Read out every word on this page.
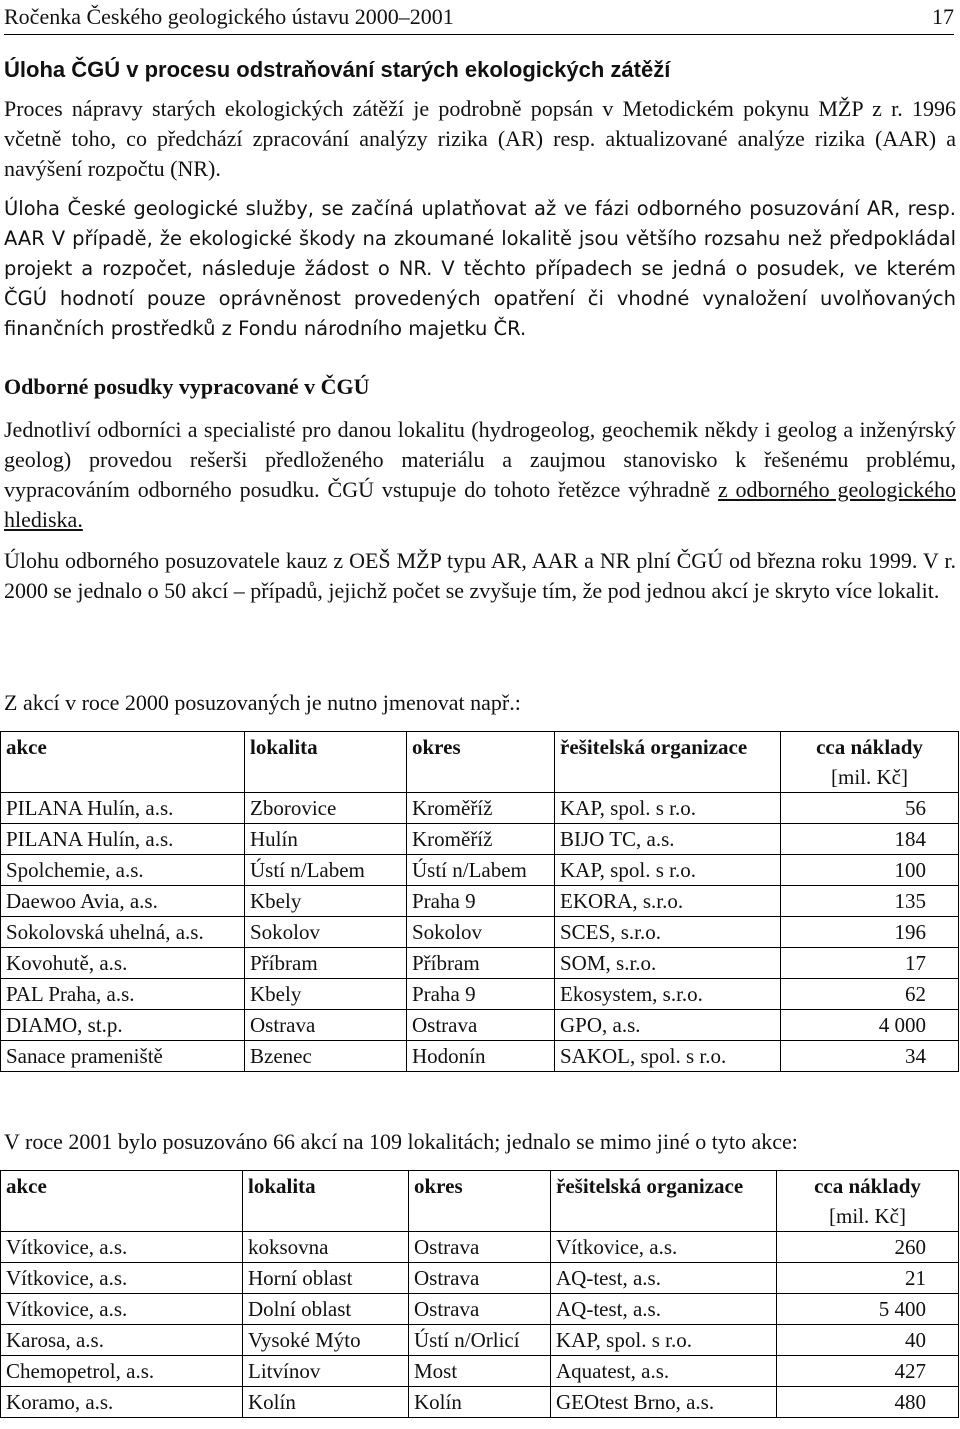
Ročenka Českého geologického ústavu 2000–2001	17
Úloha ČGÚ v procesu odstraňování starých ekologických zátěží

Proces nápravy starých ekologických zátěží je podrobně popsán v Metodickém pokynu MŽP z r. 1996 včetně toho, co předchází zpracování analýzy rizika (AR) resp. aktualizované analýze rizika (AAR) a navýšení rozpočtu (NR).

Úloha České geologické služby, se začíná uplatňovat až ve fázi odborného posuzování AR, resp. AAR V případě, že ekologické škody na zkoumané lokalitě jsou většího rozsahu než předpokládal projekt a rozpočet, následuje žádost o NR. V těchto případech se jedná o posudek, ve kterém ČGÚ hodnotí pouze oprávněnost provedených opatření či vhodné vynaložení uvolňovaných finančních prostředků z Fondu národního majetku ČR.

Odborné posudky vypracované v ČGÚ

Jednotliví odborníci a specialisté pro danou lokalitu (hydrogeolog, geochemik někdy i geolog a inženýrský geolog) provedou rešerši předloženého materiálu a zaujmou stanovisko k řešenému problému, vypracováním odborného posudku. ČGÚ vstupuje do tohoto řetězce výhradně z odborného geologického hlediska.

Úlohu odborného posuzovatele kauz z OEŠ MŽP typu AR, AAR a NR plní ČGÚ od března roku 1999. V r. 2000 se jednalo o 50 akcí – případů, jejichž počet se zvyšuje tím, že pod jednou akcí je skryto více lokalit.

Z akcí v roce 2000 posuzovaných je nutno jmenovat např.:
akce	lokalita	okres	řešitelská organizace	cca náklady
[mil. Kč]

PILANA Hulín, a.s.	Zborovice	Kroměříž	KAP, spol. s r.o.	56
PILANA Hulín, a.s.	Hulín	Kroměříž	BIJO TC, a.s.	184
Spolchemie, a.s.	Ústí n/Labem	Ústí n/Labem	KAP, spol. s r.o.	100
Daewoo Avia, a.s.	Kbely	Praha 9	EKORA, s.r.o.	135
Sokolovská uhelná, a.s.	Sokolov	Sokolov	SCES, s.r.o.	196
Kovohutě, a.s.	Příbram	Příbram	SOM, s.r.o.	17
PAL Praha, a.s.	Kbely	Praha 9	Ekosystem, s.r.o.	62
DIAMO, st.p.	Ostrava	Ostrava	GPO, a.s.	4 000
Sanace prameniště	Bzenec	Hodonín	SAKOL, spol. s r.o.	34
V roce 2001 bylo posuzováno 66 akcí na 109 lokalitách; jednalo se mimo jiné o tyto akce:
akce	lokalita	okres	řešitelská organizace	cca náklady
[mil. Kč]

Vítkovice, a.s.	koksovna	Ostrava	Vítkovice, a.s.	260
Vítkovice, a.s.	Horní oblast	Ostrava	AQ-test, a.s.	21
Vítkovice, a.s.	Dolní oblast	Ostrava	AQ-test, a.s.	5 400
Karosa, a.s.	Vysoké Mýto	Ústí n/Orlicí	KAP, spol. s r.o.	40
Chemopetrol, a.s.	Litvínov	Most	Aquatest, a.s.	427
Koramo, a.s.	Kolín	Kolín	GEOtest Brno, a.s.	480
